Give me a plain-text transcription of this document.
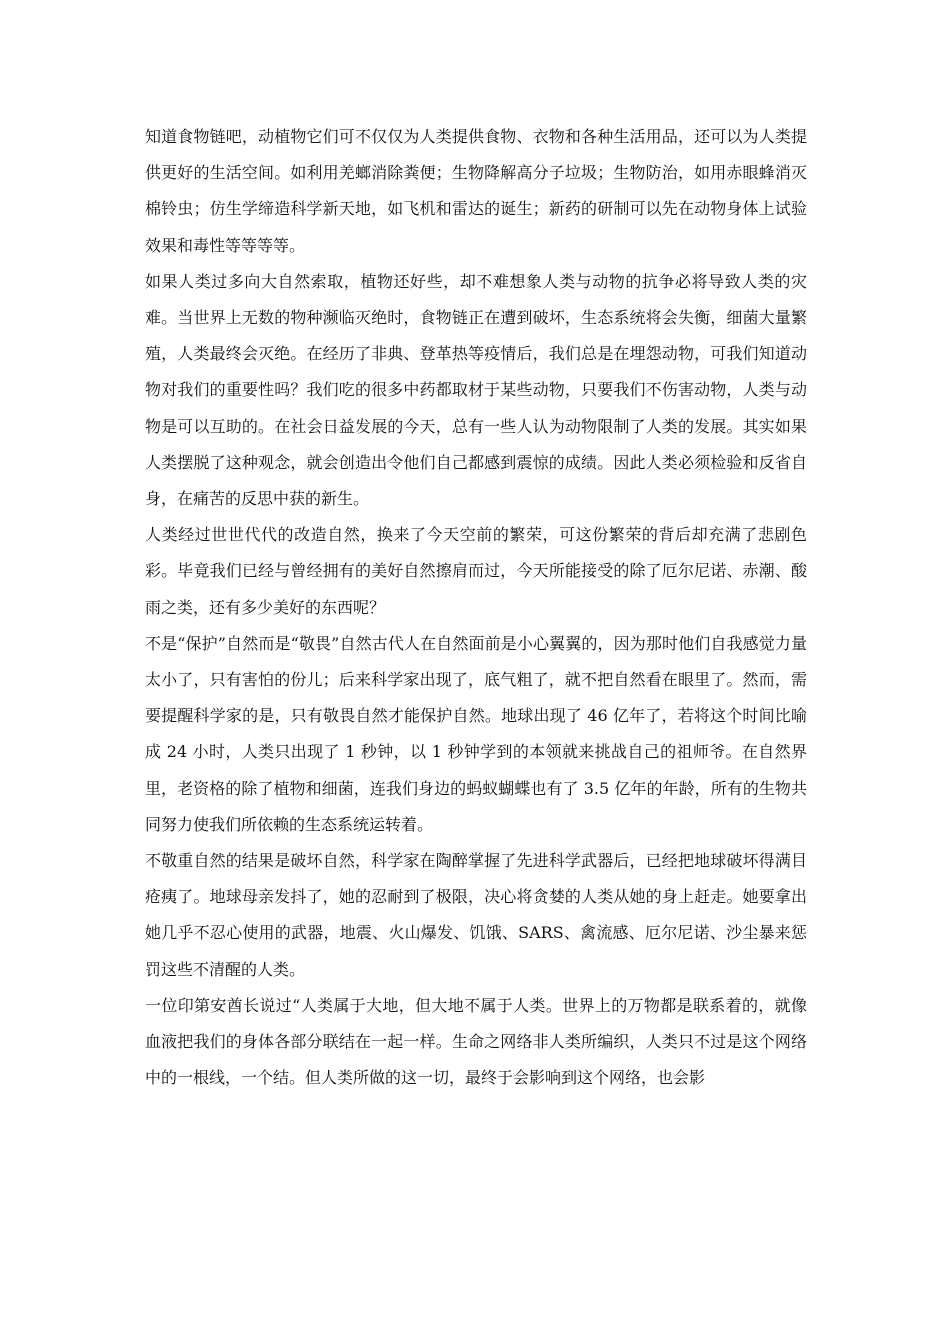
知道食物链吧，动植物它们可不仅仅为人类提供食物、衣物和各种生活用品，还可以为人类提供更好的生活空间。如利用羌螂消除粪便；生物降解高分子垃圾；生物防治，如用赤眼蜂消灭棉铃虫；仿生学缔造科学新天地，如飞机和雷达的诞生；新药的研制可以先在动物身体上试验效果和毒性等等等等。

如果人类过多向大自然索取，植物还好些，却不难想象人类与动物的抗争必将导致人类的灾难。当世界上无数的物种濒临灭绝时，食物链正在遭到破坏，生态系统将会失衡，细菌大量繁殖，人类最终会灭绝。在经历了非典、登革热等疫情后，我们总是在埋怨动物，可我们知道动物对我们的重要性吗？我们吃的很多中药都取材于某些动物，只要我们不伤害动物，人类与动物是可以互助的。在社会日益发展的今天，总有一些人认为动物限制了人类的发展。其实如果人类摆脱了这种观念，就会创造出令他们自己都感到震惊的成绩。因此人类必须检验和反省自身，在痛苦的反思中获的新生。

人类经过世世代代的改造自然，换来了今天空前的繁荣，可这份繁荣的背后却充满了悲剧色彩。毕竟我们已经与曾经拥有的美好自然擦肩而过，今天所能接受的除了厄尔尼诺、赤潮、酸雨之类，还有多少美好的东西呢？

不是“保护”自然而是“敬畏”自然古代人在自然面前是小心翼翼的，因为那时他们自我感觉力量太小了，只有害怕的份儿；后来科学家出现了，底气粗了，就不把自然看在眼里了。然而，需要提醒科学家的是，只有敬畏自然才能保护自然。地球出现了 46 亿年了，若将这个时间比喻成 24 小时，人类只出现了 1 秒钟，以 1 秒钟学到的本领就来挑战自己的祖师爷。在自然界里，老资格的除了植物和细菌，连我们身边的蚂蚁蝴蝶也有了 3.5 亿年的年龄，所有的生物共同努力使我们所依赖的生态系统运转着。

不敬重自然的结果是破坏自然，科学家在陶醉掌握了先进科学武器后，已经把地球破坏得满目疮痍了。地球母亲发抖了，她的忍耐到了极限，决心将贪婪的人类从她的身上赶走。她要拿出她几乎不忍心使用的武器，地震、火山爆发、饥饿、SARS、禽流感、厄尔尼诺、沙尘暴来惩罚这些不清醒的人类。

一位印第安酋长说过“人类属于大地，但大地不属于人类。世界上的万物都是联系着的，就像血液把我们的身体各部分联结在一起一样。生命之网络非人类所编织，人类只不过是这个网络中的一根线，一个结。但人类所做的这一切，最终于会影响到这个网络，也会影
